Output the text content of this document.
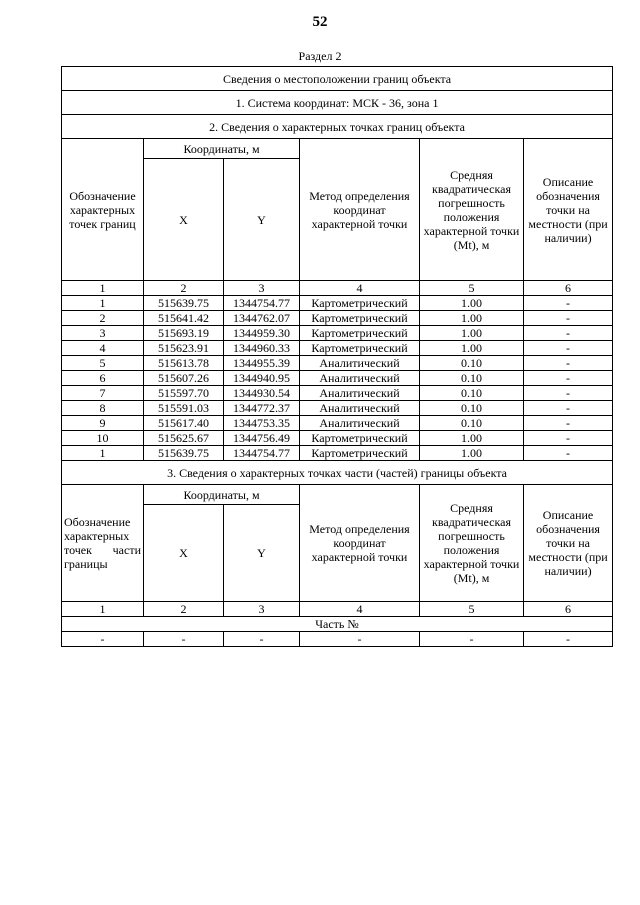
52
Раздел 2
Сведения о местоположении границ объекта					
1. Система координат: МСК - 36, зона 1					
2. Сведения о характерных точках границ объекта					
Обозначение характерных точек границ	Координаты, м		Метод определения координат характерной точки	Средняя квадратическая погрешность положения характерной точки (Mt), м	Описание обозначения точки на местности (при наличии)
	X	Y			
1	2	3	4	5	6
1	515639.75	1344754.77	Картометрический	1.00	-
2	515641.42	1344762.07	Картометрический	1.00	-
3	515693.19	1344959.30	Картометрический	1.00	-
4	515623.91	1344960.33	Картометрический	1.00	-
5	515613.78	1344955.39	Аналитический	0.10	-
6	515607.26	1344940.95	Аналитический	0.10	-
7	515597.70	1344930.54	Аналитический	0.10	-
8	515591.03	1344772.37	Аналитический	0.10	-
9	515617.40	1344753.35	Аналитический	0.10	-
10	515625.67	1344756.49	Картометрический	1.00	-
1	515639.75	1344754.77	Картометрический	1.00	-
3. Сведения о характерных точках части (частей) границы объекта					

Обозначение
характерных
точек части
границы	Координаты, м		Метод определения координат характерной точки	Средняя квадратическая погрешность положения характерной точки (Mt), м	Описание обозначения точки на местности (при наличии)
	X	Y			
1	2	3	4	5	6
Часть №					
-	-	-	-	-	-
